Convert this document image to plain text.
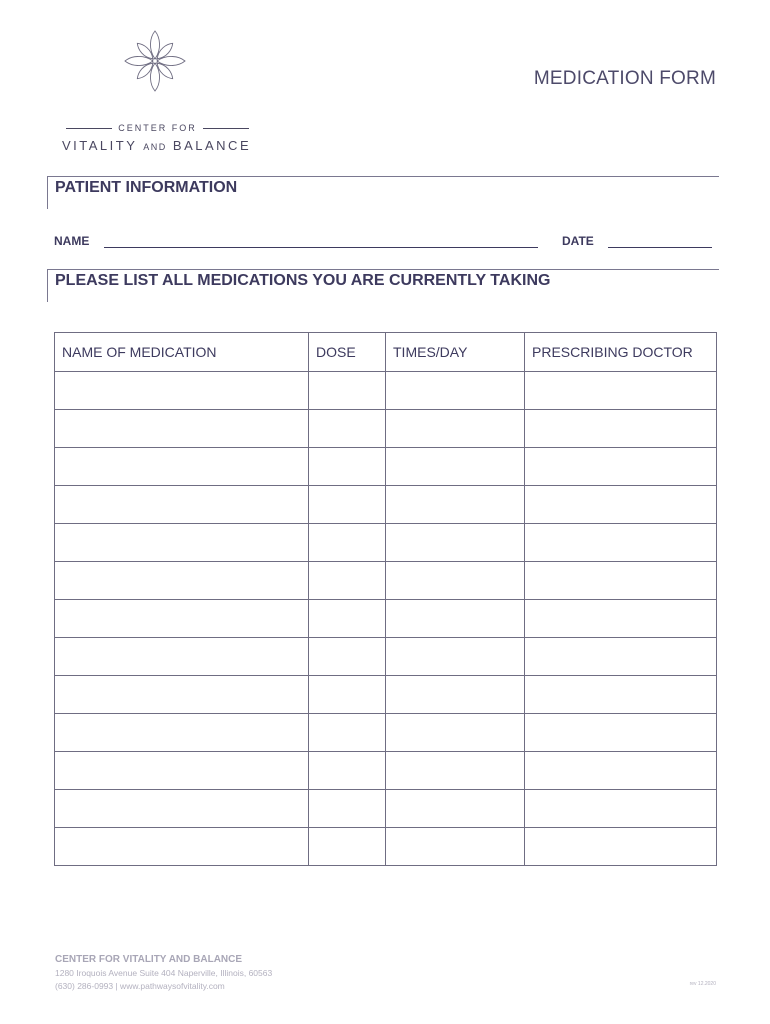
CENTER FOR
VITALITY AND BALANCE
MEDICATION FORM
PATIENT INFORMATION
NAME	DATE
PLEASE LIST ALL MEDICATIONS YOU ARE CURRENTLY TAKING
NAME OF MEDICATION	DOSE	TIMES/DAY	PRESCRIBING DOCTOR

CENTER FOR VITALITY AND BALANCE
1280 Iroquois Avenue Suite 404 Naperville, Illinois, 60563
(630) 286-0993 | www.pathwaysofvitality.com	rev 12.2020
